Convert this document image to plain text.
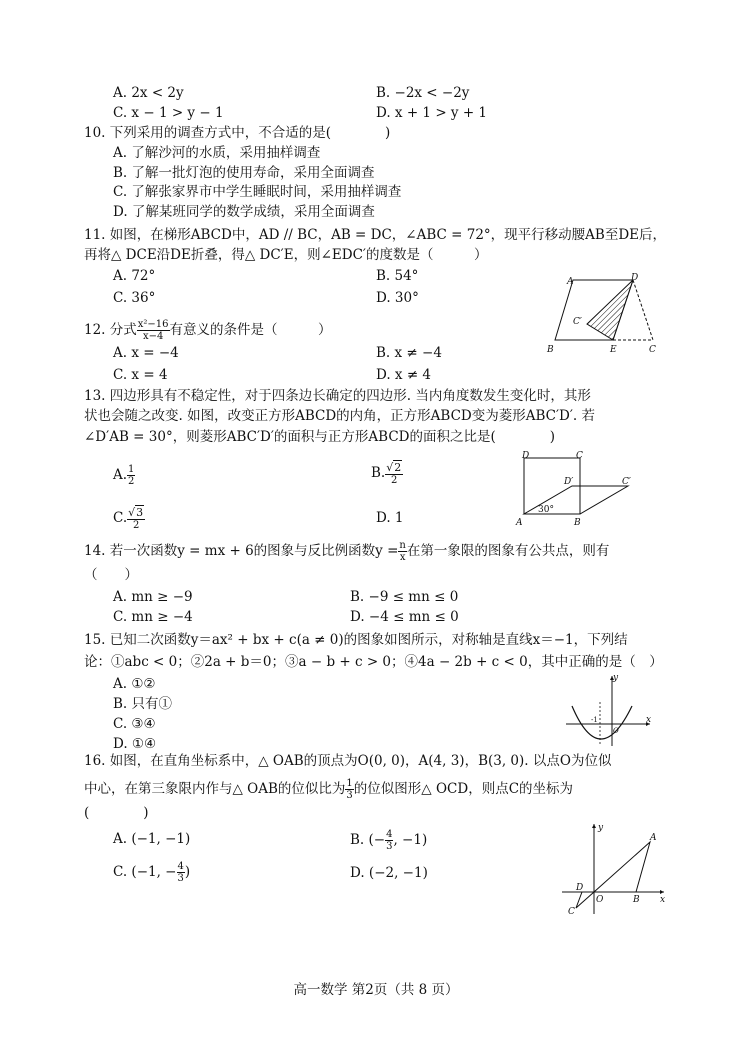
A. 2x < 2y	B. −2x < −2y
C. x − 1 > y − 1	D. x + 1 > y + 1
10. 下列采用的调查方式中，不合适的是(　　　　)
A. 了解沙河的水质，采用抽样调查
B. 了解一批灯泡的使用寿命，采用全面调查
C. 了解张家界市中学生睡眠时间，采用抽样调查
D. 了解某班同学的数学成绩，采用全面调查
11. 如图，在梯形ABCD中，AD // BC，AB = DC，∠ABC = 72°，现平行移动腰AB至DE后，
再将△ DCE沿DE折叠，得△ DC′E，则∠EDC′的度数是（　　　）
A. 72°	B. 54°
C. 36°	D. 30°
A	D
C′
B	E	C
12. 分式 $\frac{\text{x²−16}}{x-4}$ 有意义的条件是（　　　）
A. x = −4	B. x ≠ −4
C. x = 4	D. x ≠ 4
13. 四边形具有不稳定性，对于四条边长确定的四边形. 当内角度数发生变化时，其形
状也会随之改变. 如图，改变正方形ABCD的内角，正方形ABCD变为菱形ABC′D′. 若
∠D′AB = 30°，则菱形ABC′D′的面积与正方形ABCD的面积之比是(　　　　)
A. $\frac{1}{2}$	B. $\frac{√2}{2}$
C. $\frac{√3}{2}$	D. 1
D	C
D′	C′
A	B
30°
14. 若一次函数y = mx + 6的图象与反比例函数$y = \frac{n}{x}$ 在第一象限的图象有公共点，则有
（　　）
A. mn ≥ −9	B. −9 ≤ mn ≤ 0
C. mn ≥ −4	D. −4 ≤ mn ≤ 0
15. 已知二次函数y＝ax² + bx + c(a ≠ 0)的图象如图所示，对称轴是直线x＝−1，下列结
论：①abc < 0；②2a + b＝0；③a − b + c > 0；④4a − 2b + c < 0，其中正确的是（　）
A. ①②
B. 只有①
C. ③④
D. ①④
y
x
-1
O
16. 如图，在直角坐标系中，△ OAB的顶点为O(0, 0)，A(4, 3)，B(3, 0). 以点O为位似
中心，在第三象限内作与△ OAB的位似比为 $\frac{1}{3}$ 的位似图形△ OCD，则点C的坐标为
(　　　　)
A. (−1, −1)	B. (− $\frac{4}{3}$ , −1)
C. (−1, − $\frac{4}{3}$ )	D. (−2, −1)
y
A
D
O	B x
C
高一数学 第2页（共 8 页）
